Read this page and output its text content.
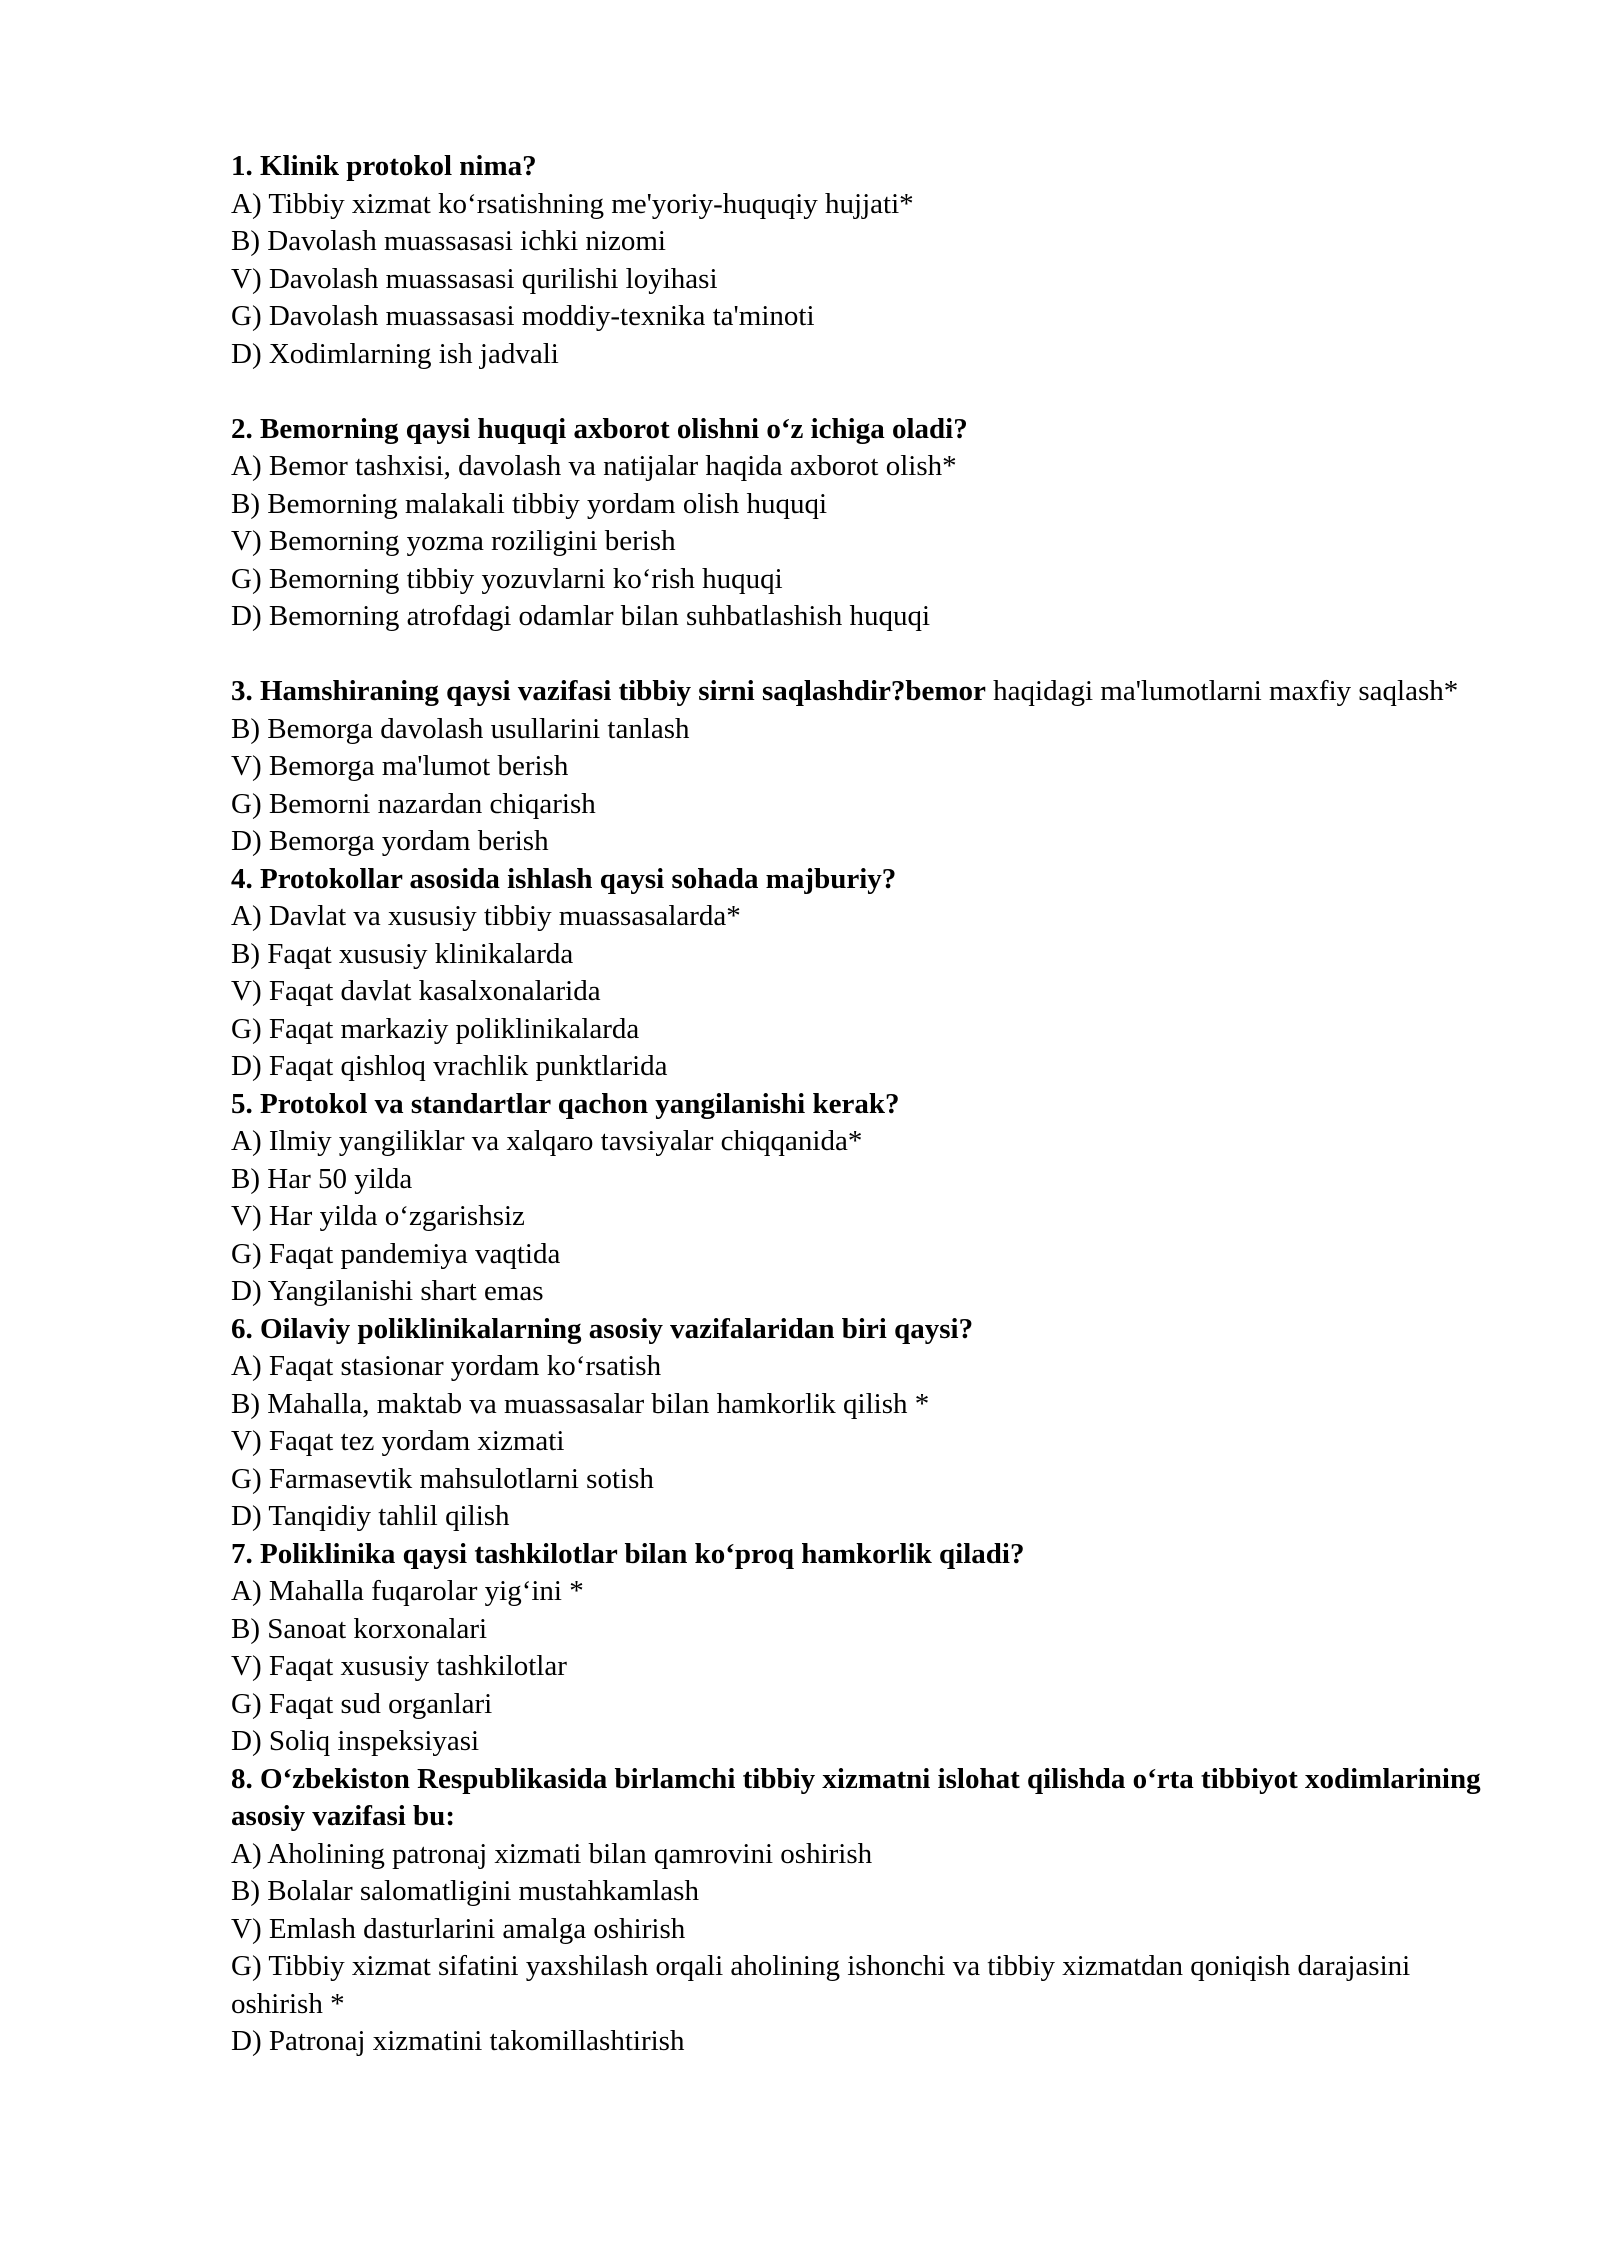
1. Klinik protokol nima?
A) Tibbiy xizmat ko‘rsatishning me'yoriy-huquqiy hujjati*
B) Davolash muassasasi ichki nizomi
V) Davolash muassasasi qurilishi loyihasi
G) Davolash muassasasi moddiy-texnika ta'minoti
D) Xodimlarning ish jadvali
2. Bemorning qaysi huquqi axborot olishni o‘z ichiga oladi?
A) Bemor tashxisi, davolash va natijalar haqida axborot olish*
B) Bemorning malakali tibbiy yordam olish huquqi
V) Bemorning yozma roziligini berish
G) Bemorning tibbiy yozuvlarni ko‘rish huquqi
D) Bemorning atrofdagi odamlar bilan suhbatlashish huquqi
3. Hamshiraning qaysi vazifasi tibbiy sirni saqlashdir?bemor haqidagi ma'lumotlarni maxfiy saqlash*
B) Bemorga davolash usullarini tanlash
V) Bemorga ma'lumot berish
G) Bemorni nazardan chiqarish
D) Bemorga yordam berish
4. Protokollar asosida ishlash qaysi sohada majburiy?
A) Davlat va xususiy tibbiy muassasalarda*
B) Faqat xususiy klinikalarda
V) Faqat davlat kasalxonalarida
G) Faqat markaziy poliklinikalarda
D) Faqat qishloq vrachlik punktlarida
5. Protokol va standartlar qachon yangilanishi kerak?
A) Ilmiy yangiliklar va xalqaro tavsiyalar chiqqanida*
B) Har 50 yilda
V) Har yilda o‘zgarishsiz
G) Faqat pandemiya vaqtida
D) Yangilanishi shart emas
6. Oilaviy poliklinikalarning asosiy vazifalaridan biri qaysi?
A) Faqat stasionar yordam ko‘rsatish
B) Mahalla, maktab va muassasalar bilan hamkorlik qilish *
V) Faqat tez yordam xizmati
G) Farmasevtik mahsulotlarni sotish
D) Tanqidiy tahlil qilish
7. Poliklinika qaysi tashkilotlar bilan ko‘proq hamkorlik qiladi?
A) Mahalla fuqarolar yig‘ini *
B) Sanoat korxonalari
V) Faqat xususiy tashkilotlar
G) Faqat sud organlari
D) Soliq inspeksiyasi
8. O‘zbekiston Respublikasida birlamchi tibbiy xizmatni islohat qilishda o‘rta tibbiyot xodimlarining asosiy vazifasi bu:
A) Aholining patronaj xizmati bilan qamrovini oshirish
B) Bolalar salomatligini mustahkamlash
V) Emlash dasturlarini amalga oshirish
G) Tibbiy xizmat sifatini yaxshilash orqali aholining ishonchi va tibbiy xizmatdan qoniqish darajasini oshirish *
D) Patronaj xizmatini takomillashtirish
